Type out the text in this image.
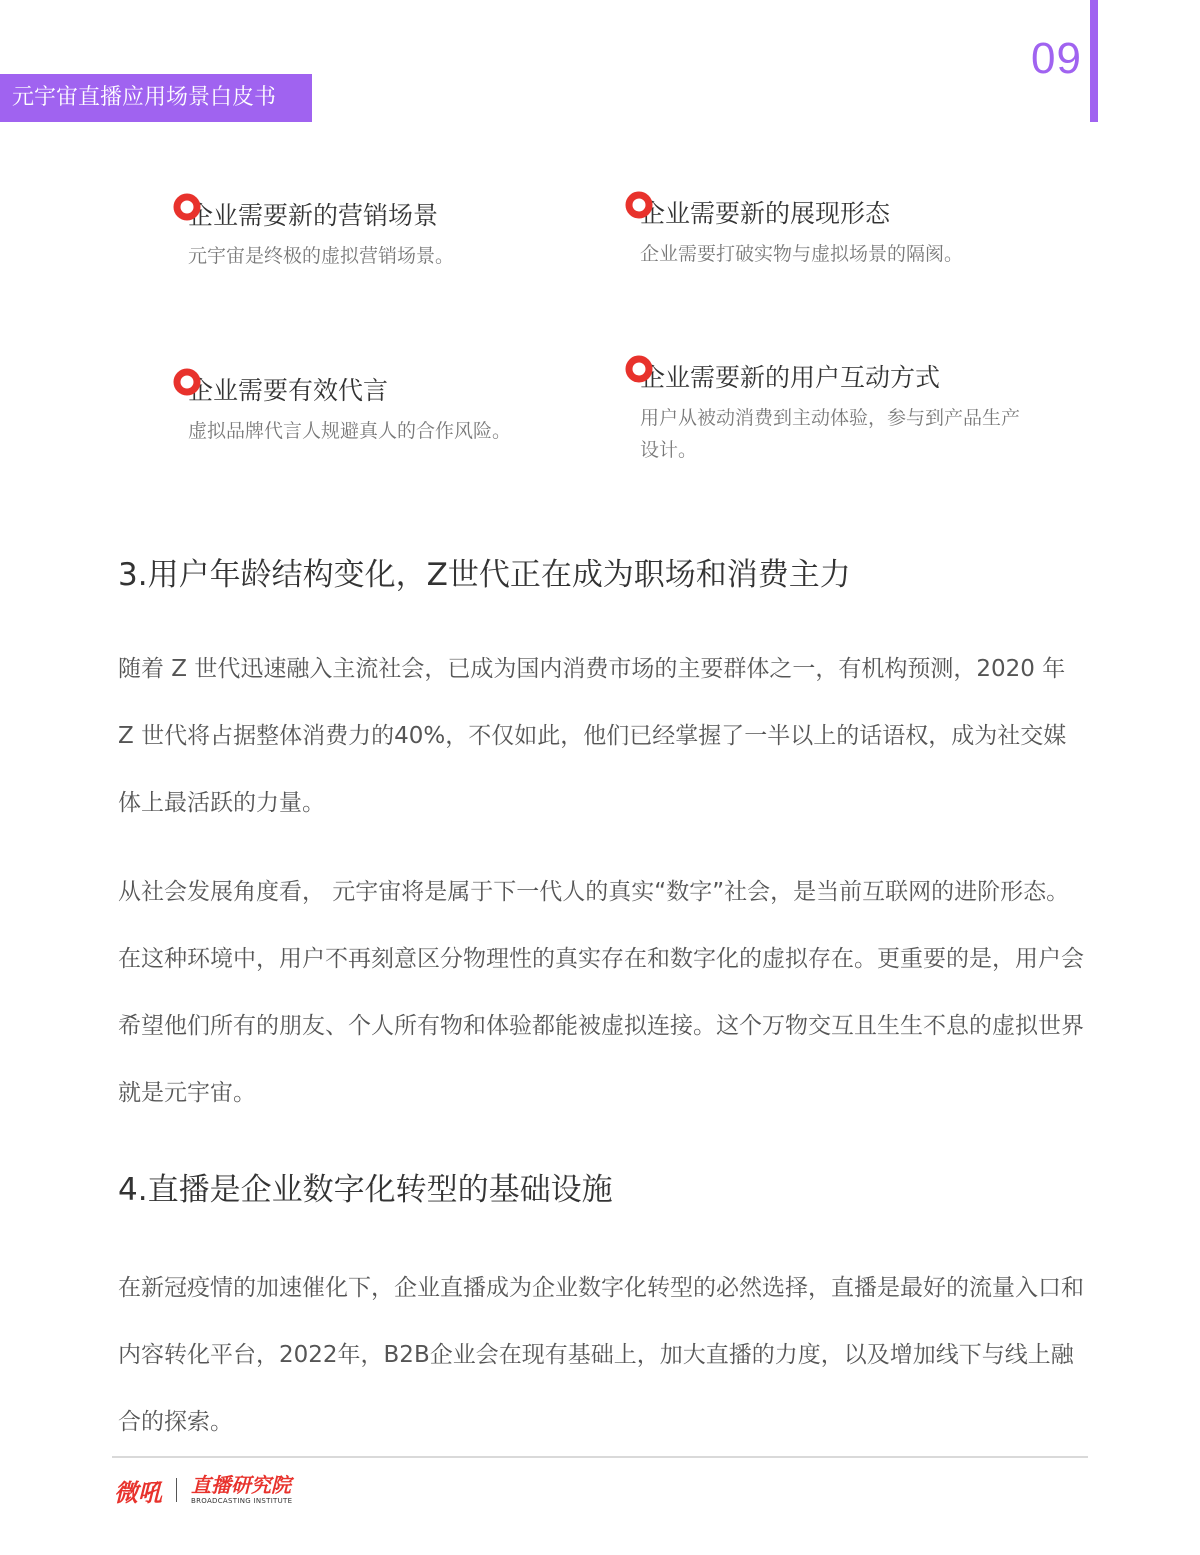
元宇宙直播应用场景白皮书
09
企业需要新的营销场景
元宇宙是终极的虚拟营销场景。
企业需要新的展现形态
企业需要打破实物与虚拟场景的隔阂。
企业需要有效代言
虚拟品牌代言人规避真人的合作风险。
企业需要新的用户互动方式
用户从被动消费到主动体验，参与到产品生产设计。
3.用户年龄结构变化，Z世代正在成为职场和消费主力

随着 Z 世代迅速融入主流社会，已成为国内消费市场的主要群体之一，有机构预测，2020 年 Z 世代将占据整体消费力的40%，不仅如此，他们已经掌握了一半以上的话语权，成为社交媒体上最活跃的力量。

从社会发展角度看， 元宇宙将是属于下一代人的真实“数字”社会，是当前互联网的进阶形态。在这种环境中，用户不再刻意区分物理性的真实存在和数字化的虚拟存在。更重要的是，用户会希望他们所有的朋友、个人所有物和体验都能被虚拟连接。这个万物交互且生生不息的虚拟世界就是元宇宙。

4.直播是企业数字化转型的基础设施

在新冠疫情的加速催化下，企业直播成为企业数字化转型的必然选择，直播是最好的流量入口和内容转化平台，2022年，B2B企业会在现有基础上，加大直播的力度，以及增加线下与线上融合的探索。

微吼 直播研究院
BROADCASTING INSTITUTE
